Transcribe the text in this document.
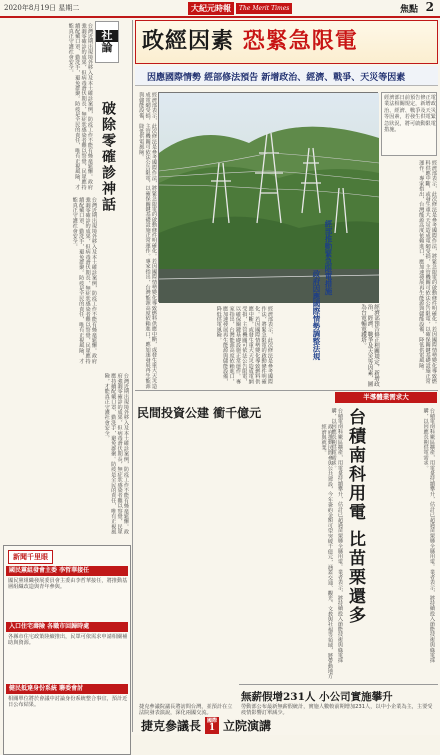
2020年8月19日 星期二	大紀元時報	The Merit Times	焦點 2
社
論
破除零確診神話
台灣近期出現境外移入及本土確診案例，防疫工作不能有絲毫鬆懈。政府強調零確診的成果，但病毒潛伏期長，無症狀感染者難以察覺，民眾應持續配戴口罩、勤洗手，避免群聚。防疫是全民的責任，唯有正視風險，才能真正守護社會安全。
台灣近期出現境外移入及本土確診案例，防疫工作不能有絲毫鬆懈。政府強調零確診的成果，但病毒潛伏期長，無症狀感染者難以察覺，民眾應持續配戴口罩、勤洗手，避免群聚。防疫是全民的責任，唯有正視風險，才能真正守護社會安全。
台灣近期出現境外移入及本土確診案例，防疫工作不能有絲毫鬆懈。政府強調零確診的成果，但病毒潛伏期長，無症狀感染者難以察覺，民眾應持續配戴口罩、勤洗手，避免群聚。防疫是全民的責任，唯有正視風險，才能真正守護社會安全。
新聞千里眼
國民黨組發會主委 李哲華接任
國民黨組織發展委員會主委由李哲華接任，將推動基層組織改造與青年參與。
入口住宅壽險 各職市回歸時處
各縣市住宅政策陸續推出，民眾可依需求申請相關補助與資源。
健民抵達身份系統 聯委會討
相關單位將於會議中討論身份系統整合事宜，預計近日公布結果。
政經因素 恐緊急限電
因應國際情勢 經部修法預告 新增政治、經濟、戰爭、天災等因素
經濟部表示，此次修法是參考國際作法，將緊急限電的啟動條件明確化。若因國際情勢變化導致燃料供應中斷，或發生重大天災造成電網受損，主管機關可依法公告限電，以確保關鍵基礎設施正常運作。專家指出，台灣能源高度依賴進口，應加速發展再生能源與儲能設備，降低供電風險。	經濟部日前預告修正電業法相關規定，新增政治、經濟、戰爭及天災等因素，若發生供電緊急狀況，將可啟動限電措施。
經濟部表示，此次修法是參考國際作法，將緊急限電的啟動條件明確化。若因國際情勢變化導致燃料供應中斷，或發生重大天災造成電網受損，主管機關可依法公告限電，以確保關鍵基礎設施正常運作。專家指出，台灣能源高度依賴進口，應加速發展再生能源與儲能設備，降低供電風險。
經部推動緊急限電措施
政府因應國際情勢調整法規
經濟部表示，此次修法是參考國際作法，將緊急限電的啟動條件明確化。若因國際情勢變化導致燃料供應中斷，或發生重大天災造成電網受損，主管機關可依法公告限電，以確保關鍵基礎設施正常運作。專家指出，台灣能源高度依賴進口，應加速發展再生能源與儲能設備，降低供電風險。	經濟部預告修正相關規定，新增政治、經濟、戰爭及天災等因素，圖為台電輸電鐵塔。
民間投資公建 衝千億元
政府推動民間參與公共建設，今年簽約金額可望突破千億元，涵蓋交通、觀光、文教與社福等領域，將帶動地方經濟與就業。
半導體業需求大
台積南科用電 比苗栗還多	台積電南科廠區擴產，用電量持續攀升，估計已超過苗栗縣全縣用電。業者表示，將持續投入節能技術與綠電採購，以因應長期供電需求。
台積電南科廠區擴產，用電量持續攀升，估計已超過苗栗縣全縣用電。業者表示，將持續投入節能技術與綠電採購，以因應長期供電需求。
無薪假增231人 小公司實施攀升
勞動部公布最新無薪假統計，實施人數較前期增加231人，以中小企業為主，主要受疫情影響訂單減少。
捷克參議長 國際
1 立院演講
捷克參議院議長將訪問台灣，並預計在立法院發表演說，深化兩國交流。
